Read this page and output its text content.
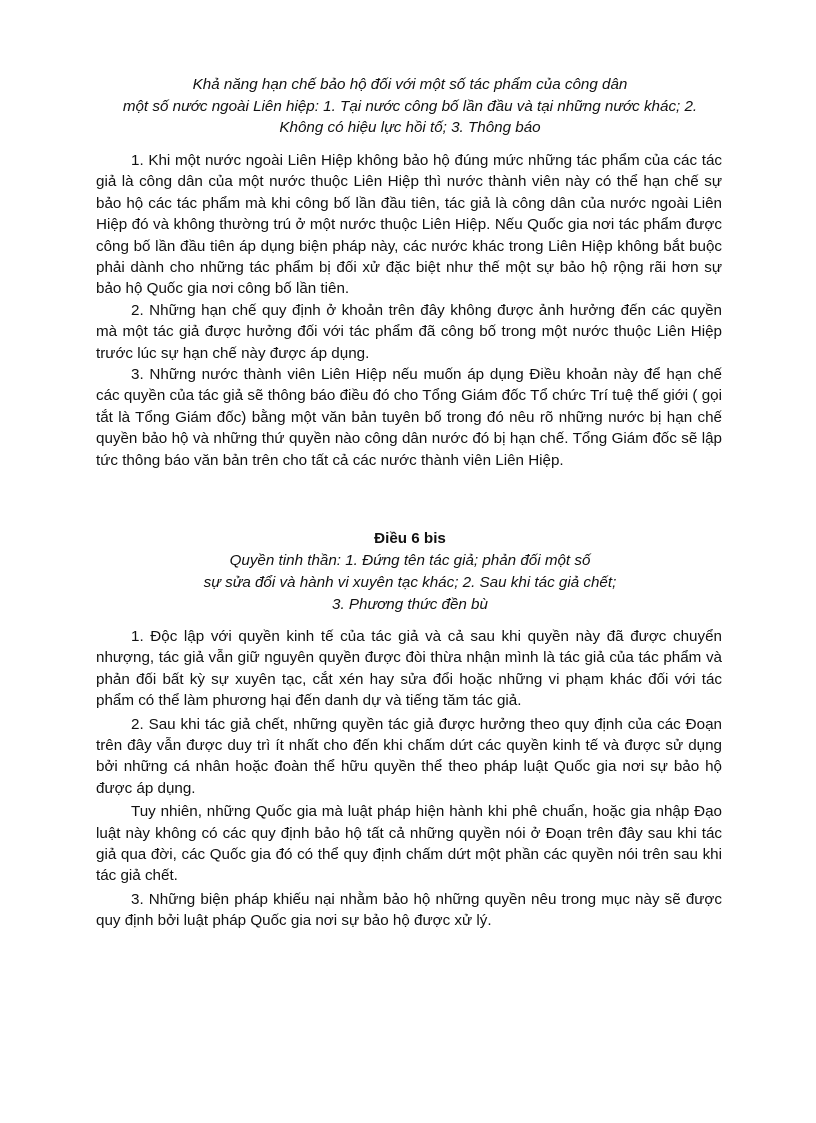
Khả năng hạn chế bảo hộ đối với một số tác phẩm của công dân
một số nước ngoài Liên hiệp: 1. Tại nước công bố lần đầu và tại những nước khác; 2.
Không có hiệu lực hồi tố; 3. Thông báo

1. Khi một nước ngoài Liên Hiệp không bảo hộ đúng mức những tác phẩm của các tác giả là công dân của một nước thuộc Liên Hiệp thì nước thành viên này có thể hạn chế sự bảo hộ các tác phẩm mà khi công bố lần đầu tiên, tác giả là công dân của nước ngoài Liên Hiệp đó và không thường trú ở một nước thuộc Liên Hiệp. Nếu Quốc gia nơi tác phẩm được công bố lần đầu tiên áp dụng biện pháp này, các nước khác trong Liên Hiệp không bắt buộc phải dành cho những tác phẩm bị đối xử đặc biệt như thế một sự bảo hộ rộng rãi hơn sự bảo hộ Quốc gia nơi công bố lần tiên.

2. Những hạn chế quy định ở khoản trên đây không được ảnh hưởng đến các quyền mà một tác giả được hưởng đối với tác phẩm đã công bố trong một nước thuộc Liên Hiệp trước lúc sự hạn chế này được áp dụng.

3. Những nước thành viên Liên Hiệp nếu muốn áp dụng Điều khoản này để hạn chế các quyền của tác giả sẽ thông báo điều đó cho Tổng Giám đốc Tổ chức Trí tuệ thế giới ( gọi tắt là Tổng Giám đốc) bằng một văn bản tuyên bố trong đó nêu rõ những nước bị hạn chế quyền bảo hộ và những thứ quyền nào công dân nước đó bị hạn chế. Tổng Giám đốc sẽ lập tức thông báo văn bản trên cho tất cả các nước thành viên Liên Hiệp.

Điều 6 bis
Quyền tinh thần: 1. Đứng tên tác giả; phản đối một số
sự sửa đổi và hành vi xuyên tạc khác; 2. Sau khi tác giả chết;
3. Phương thức đền bù

1. Độc lập với quyền kinh tế của tác giả và cả sau khi quyền này đã được chuyển nhượng, tác giả vẫn giữ nguyên quyền được đòi thừa nhận mình là tác giả của tác phẩm và phản đối bất kỳ sự xuyên tạc, cắt xén hay sửa đổi hoặc những vi phạm khác đối với tác phẩm có thể làm phương hại đến danh dự và tiếng tăm tác giả.

2. Sau khi tác giả chết, những quyền tác giả được hưởng theo quy định của các Đoạn trên đây vẫn được duy trì ít nhất cho đến khi chấm dứt các quyền kinh tế và được sử dụng bởi những cá nhân hoặc đoàn thể hữu quyền thể theo pháp luật Quốc gia nơi sự bảo hộ được áp dụng.

Tuy nhiên, những Quốc gia mà luật pháp hiện hành khi phê chuẩn, hoặc gia nhập Đạo luật này không có các quy định bảo hộ tất cả những quyền nói ở Đoạn trên đây sau khi tác giả qua đời, các Quốc gia đó có thể quy định chấm dứt một phần các quyền nói trên sau khi tác giả chết.

3. Những biện pháp khiếu nại nhằm bảo hộ những quyền nêu trong mục này sẽ được quy định bởi luật pháp Quốc gia nơi sự bảo hộ được xử lý.
